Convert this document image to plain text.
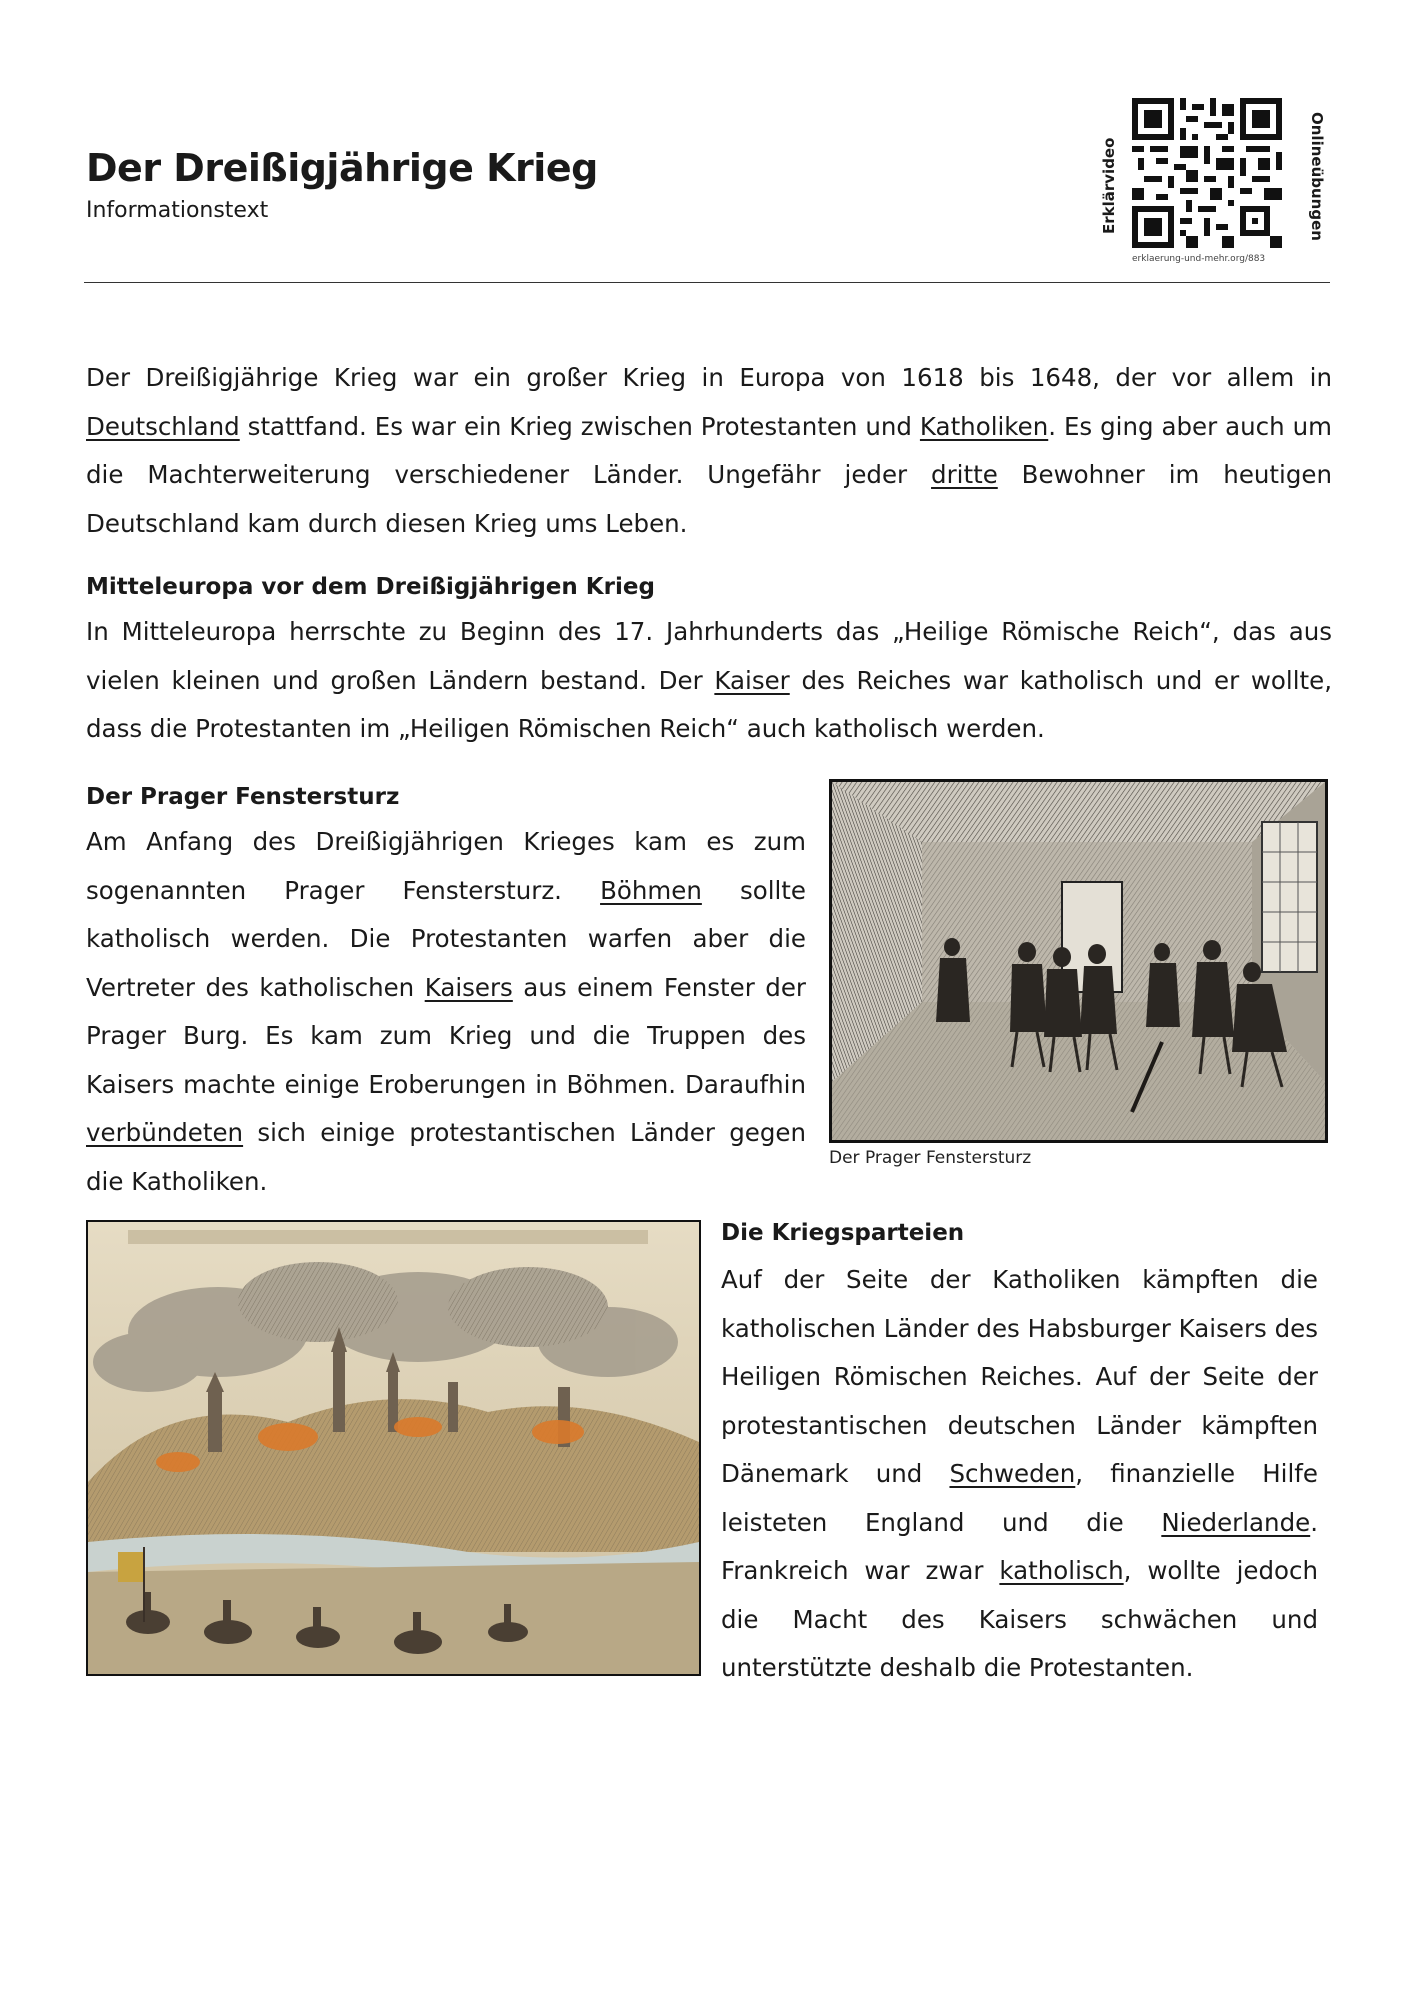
Der Dreißigjährige Krieg
Informationstext	Erklärvideo	Onlineübungen
erklaerung-und-mehr.org/883

Der Dreißigjährige Krieg war ein großer Krieg in Europa von 1618 bis 1648, der vor allem in Deutschland stattfand. Es war ein Krieg zwischen Protestanten und Katholiken. Es ging aber auch um die Machterweiterung verschiedener Länder. Ungefähr jeder dritte Bewohner im heutigen Deutschland kam durch diesen Krieg ums Leben.

Mitteleuropa vor dem Dreißigjährigen Krieg

In Mitteleuropa herrschte zu Beginn des 17. Jahrhunderts das „Heilige Römische Reich“, das aus vielen kleinen und großen Ländern bestand. Der Kaiser des Reiches war katholisch und er wollte, dass die Protestanten im „Heiligen Römischen Reich“ auch katholisch werden.

Der Prager Fenstersturz

Am Anfang des Dreißigjährigen Krieges kam es zum sogenannten Prager Fenstersturz. Böhmen sollte katholisch werden. Die Protestanten warfen aber die Vertreter des katholischen Kaisers aus einem Fenster der Prager Burg. Es kam zum Krieg und die Truppen des Kaisers machte einige Eroberungen in Böhmen. Daraufhin verbündeten sich einige protestantischen Länder gegen die Katholiken.

Der Prager Fenstersturz
Die Kriegsparteien

Auf der Seite der Katholiken kämpften die katholischen Länder des Habsburger Kaisers des Heiligen Römischen Reiches. Auf der Seite der protestantischen deutschen Länder kämpften Dänemark und Schweden, finanzielle Hilfe leisteten England und die Niederlande. Frankreich war zwar katholisch, wollte jedoch die Macht des Kaisers schwächen und unterstützte deshalb die Protestanten.
